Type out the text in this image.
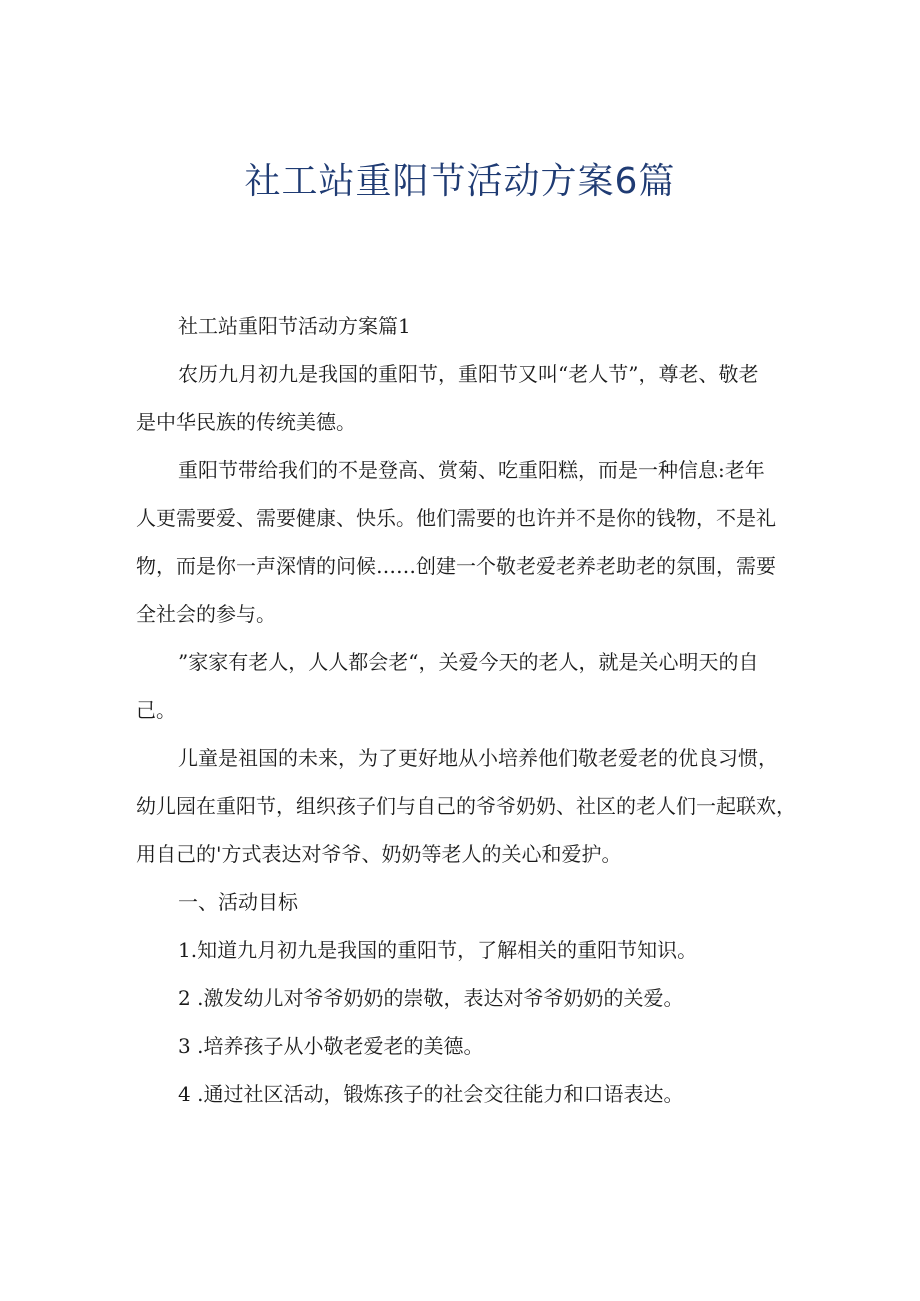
社工站重阳节活动方案6篇
社工站重阳节活动方案篇1
农历九月初九是我国的重阳节，重阳节又叫“老人节”，尊老、敬老
是中华民族的传统美德。
重阳节带给我们的不是登高、赏菊、吃重阳糕，而是一种信息:老年
人更需要爱、需要健康、快乐。他们需要的也许并不是你的钱物，不是礼
物，而是你一声深情的问候……创建一个敬老爱老养老助老的氛围，需要
全社会的参与。
”家家有老人，人人都会老“，关爱今天的老人，就是关心明天的自
己。
儿童是祖国的未来，为了更好地从小培养他们敬老爱老的优良习惯，
幼儿园在重阳节，组织孩子们与自己的爷爷奶奶、社区的老人们一起联欢，
用自己的'方式表达对爷爷、奶奶等老人的关心和爱护。
一、活动目标
1.知道九月初九是我国的重阳节，了解相关的重阳节知识。
2 .激发幼儿对爷爷奶奶的崇敬，表达对爷爷奶奶的关爱。
3 .培养孩子从小敬老爱老的美德。
4 .通过社区活动，锻炼孩子的社会交往能力和口语表达。
